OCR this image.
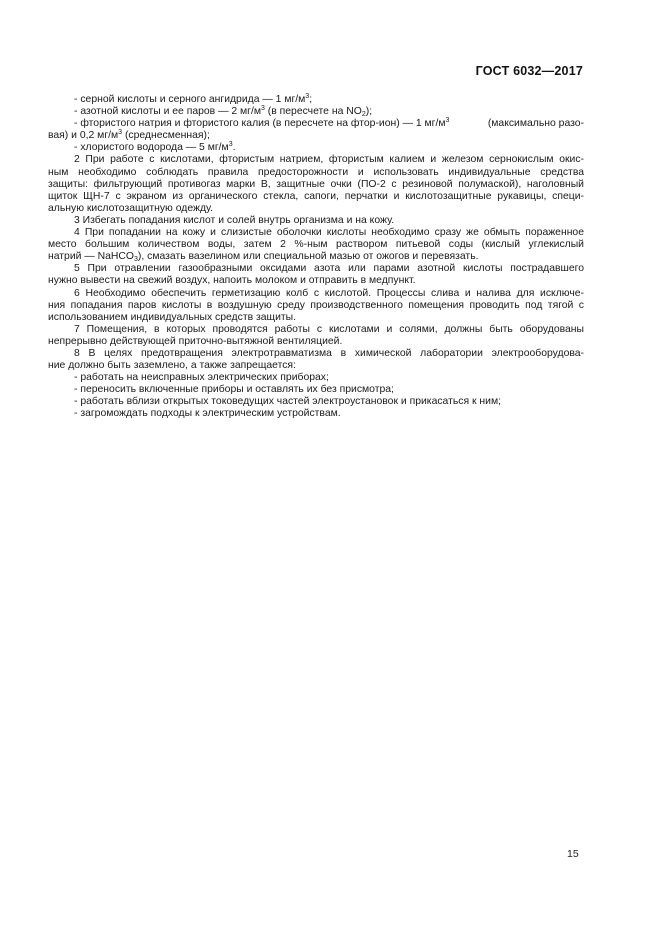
ГОСТ 6032—2017
- серной кислоты и серного ангидрида — 1 $мг/м^3$;
- азотной кислоты и ее паров — 2 $мг/м^3$ (в пересчете на $NO_2$);
- фтористого натрия и фтористого калия (в пересчете на фтор-ион) — 1 $мг/м^3$	(максимально разо-
вая) и 0,2 $мг/м^3$ (среднесменная);
- хлористого водорода — 5 $мг/м^3$.
2 При работе с кислотами, фтористым натрием, фтористым калием и железом сернокислым окис-
ным необходимо соблюдать правила предосторожности и использовать индивидуальные средства
защиты: фильтрующий противогаз марки В, защитные очки (ПО-2 с резиновой полумаской), наголовный
щиток ЩН-7 с экраном из органического стекла, сапоги, перчатки и кислотозащитные рукавицы, специ-
альную кислотозащитную одежду.
3 Избегать попадания кислот и солей внутрь организма и на кожу.
4 При попадании на кожу и слизистые оболочки кислоты необходимо сразу же обмыть пораженное
место большим количеством воды, затем 2 %-ным раствором питьевой соды (кислый углекислый
натрий — NaHCO$_3$), смазать вазелином или специальной мазью от ожогов и перевязать.
5 При отравлении газообразными оксидами азота или парами азотной кислоты пострадавшего
нужно вывести на свежий воздух, напоить молоком и отправить в медпункт.
6 Необходимо обеспечить герметизацию колб с кислотой. Процессы слива и налива для исключе-
ния попадания паров кислоты в воздушную среду производственного помещения проводить под тягой с
использованием индивидуальных средств защиты.
7 Помещения, в которых проводятся работы с кислотами и солями, должны быть оборудованы
непрерывно действующей приточно-вытяжной вентиляцией.
8 В целях предотвращения электротравматизма в химической лаборатории электрооборудова-
ние должно быть заземлено, а также запрещается:
- работать на неисправных электрических приборах;
- переносить включенные приборы и оставлять их без присмотра;
- работать вблизи открытых токоведущих частей электроустановок и прикасаться к ним;
- загромождать подходы к электрическим устройствам.
15
